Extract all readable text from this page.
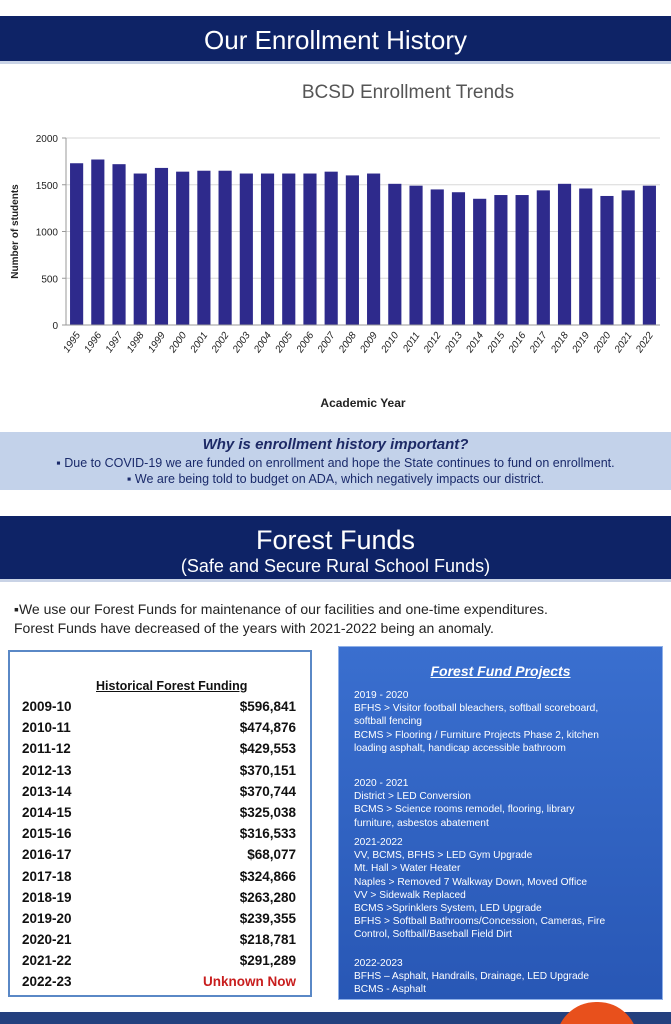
Our Enrollment History
BCSD Enrollment Trends
0
500
1000
1500
2000
Number of students
1995 1996 1997 1998 1999 2000 2001 2002 2003 2004 2005 2006 2007 2008 2009 2010 2011 2012 2013 2014 2015 2016 2017 2018 2019 2020 2021 2022
Academic Year
Why is enrollment history important?
▪ Due to COVID-19 we are funded on enrollment and hope the State continues to fund on enrollment.
▪ We are being told to budget on ADA, which negatively impacts our district.
Forest Funds
(Safe and Secure Rural School Funds)
▪We use our Forest Funds for maintenance of our facilities and one-time expenditures.
Forest Funds have decreased of the years with 2021-2022 being an anomaly.
Historical Forest Funding
2009-10	$596,841
2010-11	$474,876
2011-12	$429,553
2012-13	$370,151
2013-14	$370,744
2014-15	$325,038
2015-16	$316,533
2016-17	$68,077
2017-18	$324,866
2018-19	$263,280
2019-20	$239,355
2020-21	$218,781
2021-22	$291,289
2022-23	Unknown Now
Forest Fund Projects
2019 - 2020
BFHS > Visitor football bleachers, softball scoreboard,
softball fencing
BCMS > Flooring / Furniture Projects Phase 2, kitchen
loading asphalt, handicap accessible bathroom
2020 - 2021
District > LED Conversion
BCMS > Science rooms remodel, flooring, library
furniture, asbestos abatement
2021-2022
VV, BCMS, BFHS > LED Gym Upgrade
Mt. Hall > Water Heater
Naples > Removed 7 Walkway Down, Moved Office
VV > Sidewalk Replaced
BCMS >Sprinklers System, LED Upgrade
BFHS > Softball Bathrooms/Concession, Cameras, Fire
Control, Softball/Baseball Field Dirt
2022-2023
BFHS – Asphalt, Handrails, Drainage, LED Upgrade
BCMS - Asphalt
